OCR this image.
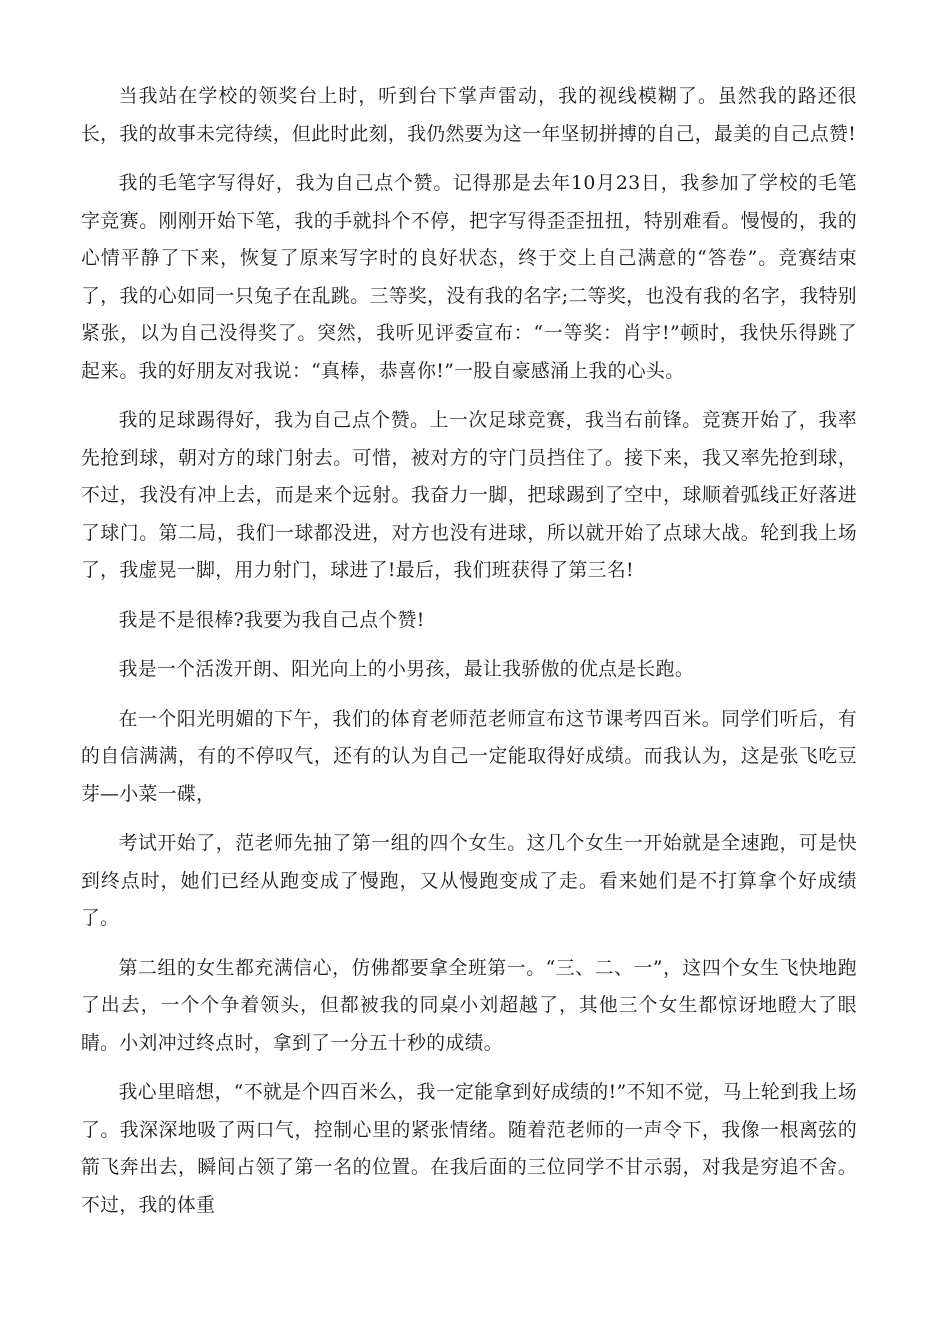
当我站在学校的领奖台上时，听到台下掌声雷动，我的视线模糊了。虽然我的路还很长，我的故事未完待续，但此时此刻，我仍然要为这一年坚韧拼搏的自己，最美的自己点赞!

我的毛笔字写得好，我为自己点个赞。记得那是去年10月23日，我参加了学校的毛笔字竞赛。刚刚开始下笔，我的手就抖个不停，把字写得歪歪扭扭，特别难看。慢慢的，我的心情平静了下来，恢复了原来写字时的良好状态，终于交上自己满意的“答卷”。竞赛结束了，我的心如同一只兔子在乱跳。三等奖，没有我的名字;二等奖，也没有我的名字，我特别紧张，以为自己没得奖了。突然，我听见评委宣布：“一等奖：肖宇!”顿时，我快乐得跳了起来。我的好朋友对我说：“真棒，恭喜你!”一股自豪感涌上我的心头。

我的足球踢得好，我为自己点个赞。上一次足球竞赛，我当右前锋。竞赛开始了，我率先抢到球，朝对方的球门射去。可惜，被对方的守门员挡住了。接下来，我又率先抢到球，不过，我没有冲上去，而是来个远射。我奋力一脚，把球踢到了空中，球顺着弧线正好落进了球门。第二局，我们一球都没进，对方也没有进球，所以就开始了点球大战。轮到我上场了，我虚晃一脚，用力射门，球进了!最后，我们班获得了第三名!

我是不是很棒?我要为我自己点个赞!

我是一个活泼开朗、阳光向上的小男孩，最让我骄傲的优点是长跑。

在一个阳光明媚的下午，我们的体育老师范老师宣布这节课考四百米。同学们听后，有的自信满满，有的不停叹气，还有的认为自己一定能取得好成绩。而我认为，这是张飞吃豆芽—小菜一碟，

考试开始了，范老师先抽了第一组的四个女生。这几个女生一开始就是全速跑，可是快到终点时，她们已经从跑变成了慢跑，又从慢跑变成了走。看来她们是不打算拿个好成绩了。

第二组的女生都充满信心，仿佛都要拿全班第一。“三、二、一”，这四个女生飞快地跑了出去，一个个争着领头，但都被我的同桌小刘超越了，其他三个女生都惊讶地瞪大了眼睛。小刘冲过终点时，拿到了一分五十秒的成绩。

我心里暗想，“不就是个四百米么，我一定能拿到好成绩的!”不知不觉，马上轮到我上场了。我深深地吸了两口气，控制心里的紧张情绪。随着范老师的一声令下，我像一根离弦的箭飞奔出去，瞬间占领了第一名的位置。在我后面的三位同学不甘示弱，对我是穷追不舍。不过，我的体重
